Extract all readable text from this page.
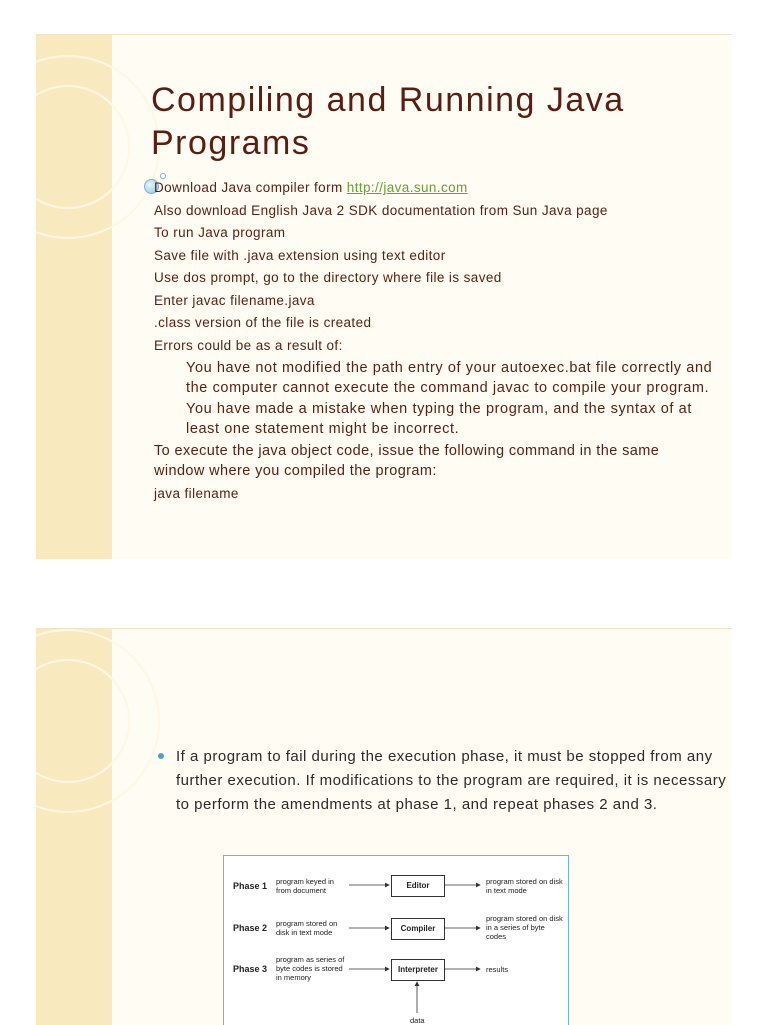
Compiling and Running Java Programs
Download Java compiler form http://java.sun.com
Also download English Java 2 SDK documentation from Sun Java page
To run Java program
Save file with .java extension using text editor
Use dos prompt, go to the directory where file is saved
Enter javac filename.java
.class version of the file is created
Errors could be as a result of:
You have not modified the path entry of your autoexec.bat file correctly and the computer cannot execute the command javac to compile your program.
You have made a mistake when typing the program, and the syntax of at least one statement might be incorrect.
To execute the java object code, issue the following command in the same window where you compiled the program:
java filename

If a program to fail during the execution phase, it must be stopped from any further execution. If modifications to the program are required, it is necessary to perform the amendments at phase 1, and repeat phases 2 and 3.

Phase 1 program keyed in from document
Editor	program stored on disk in text mode
Phase 2 program stored on disk in text mode	Compiler
program stored on disk in a series of byte codes
Phase 3
program as series of byte codes is stored in memory
Interpreter	results
data
